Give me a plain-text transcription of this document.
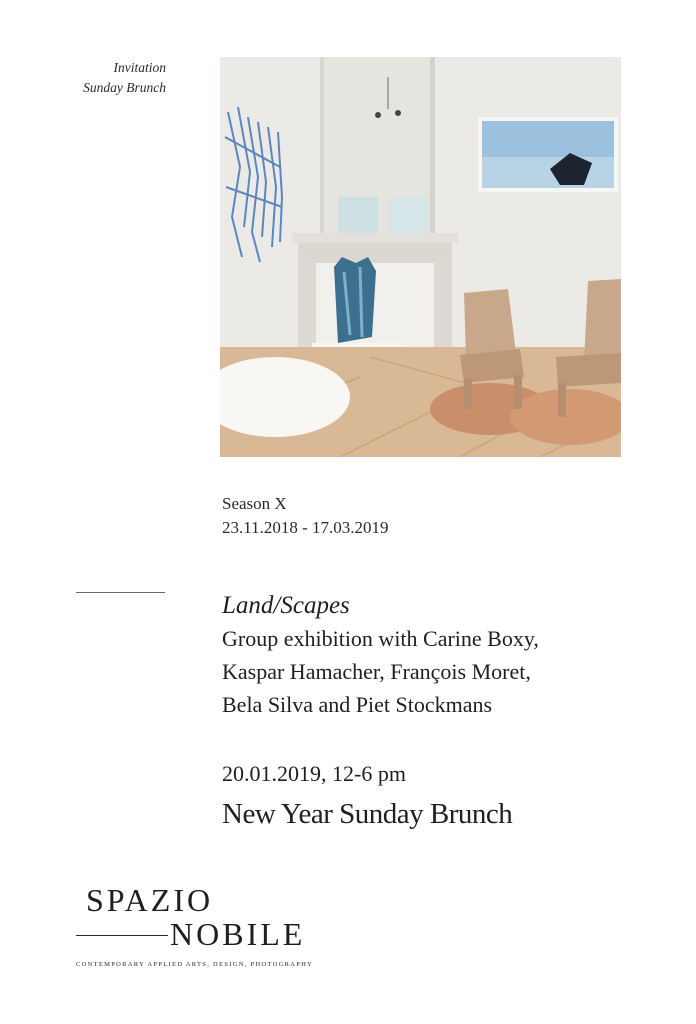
Invitation
Sunday Brunch
Season X
23.11.2018 - 17.03.2019
Land/Scapes
Group exhibition with Carine Boxy,
Kaspar Hamacher, François Moret,
Bela Silva and Piet Stockmans
20.01.2019, 12-6 pm
New Year Sunday Brunch
SPAZIO
NOBILE
CONTEMPORARY APPLIED ARTS, DESIGN, PHOTOGRAPHY
